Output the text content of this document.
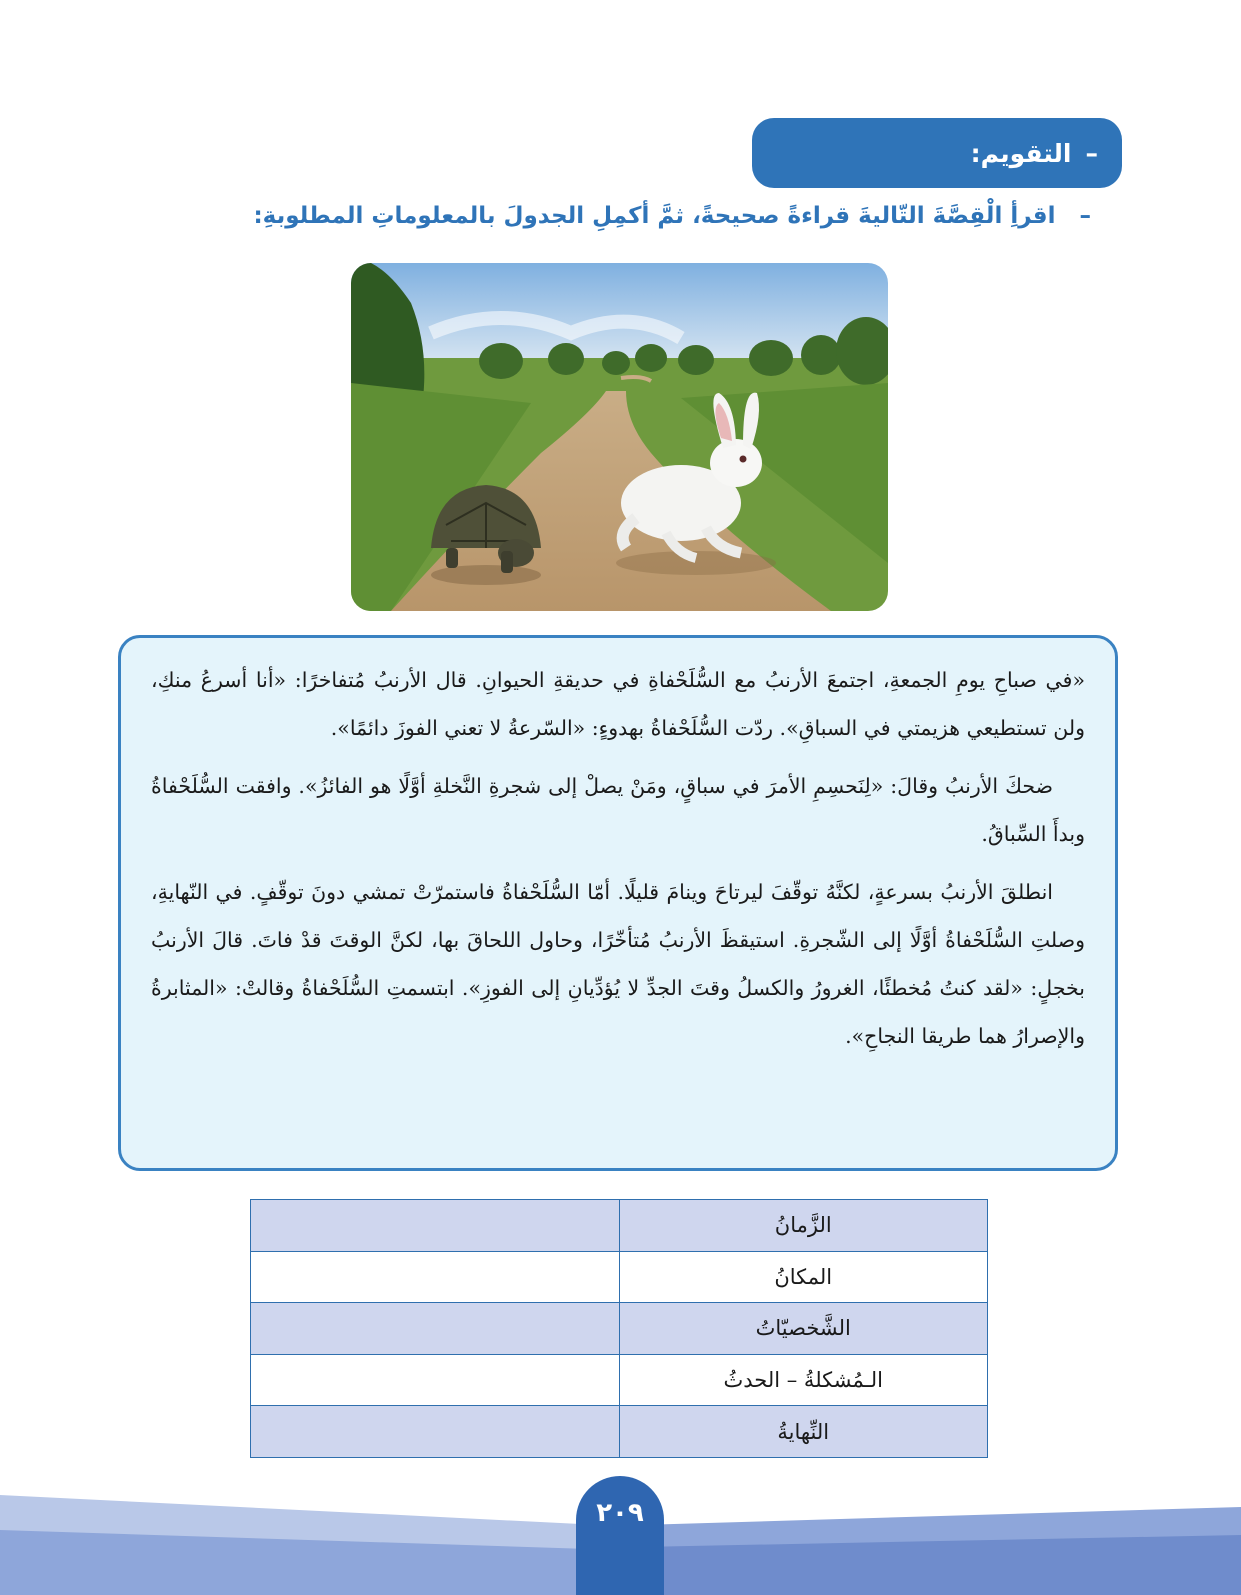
–
التقويم:
– اقرأِ الْقِصَّةَ التّاليةَ قراءةً صحيحةً، ثمَّ أكمِلِ الجدولَ بالمعلوماتِ المطلوبةِ:

«في صباحِ يومِ الجمعةِ، اجتمعَ الأرنبُ مع السُّلَحْفاةِ في حديقةِ الحيوانِ. قال الأرنبُ مُتفاخرًا: «أنا أسرعُ منكِ، ولن تستطيعي هزيمتي في السباقِ». ردّت السُّلَحْفاةُ بهدوءٍ: «السّرعةُ لا تعني الفوزَ دائمًا».

ضحكَ الأرنبُ وقالَ: «لِنَحسِمِ الأمرَ في سباقٍ، ومَنْ يصلْ إلى شجرةِ النَّخلةِ أوَّلًا هو الفائزُ». وافقت السُّلَحْفاةُ وبدأَ السِّباقُ.

انطلقَ الأرنبُ بسرعةٍ، لكنَّهُ توقّفَ ليرتاحَ وينامَ قليلًا. أمّا السُّلَحْفاةُ فاستمرّتْ تمشي دونَ توقّفٍ. في النّهايةِ، وصلتِ السُّلَحْفاةُ أوَّلًا إلى الشّجرةِ. استيقظَ الأرنبُ مُتأخّرًا، وحاول اللحاقَ بها، لكنَّ الوقتَ قدْ فاتَ. قالَ الأرنبُ بخجلٍ: «لقد كنتُ مُخطئًا، الغرورُ والكسلُ وقتَ الجدِّ لا يُؤدِّيانِ إلى الفوزِ». ابتسمتِ السُّلَحْفاةُ وقالتْ: «المثابرةُ والإصرارُ هما طريقا النجاحِ».

الزَّمانُ	
المكانُ	
الشَّخصيّاتُ	
الـمُشكلةُ – الحدثُ	
النِّهايةُ	
٢٠٩
